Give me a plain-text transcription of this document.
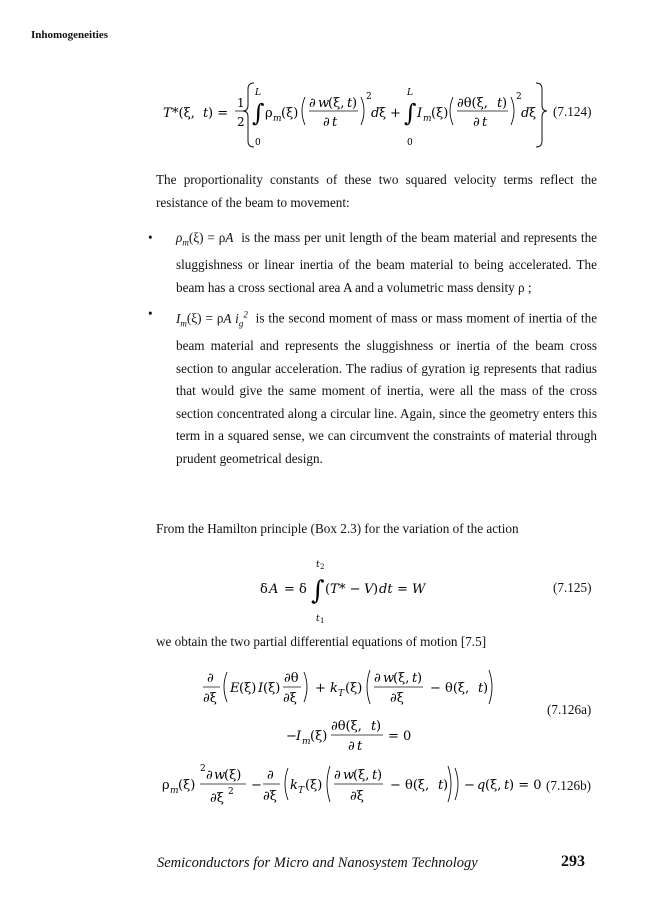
Inhomogeneities
T *(ξ, t ) =
1
2
L
0
∫ ρ m (ξ)
∂ w
(ξ, t )
∂ t
2
d ξ +
L
0
∫ I m (ξ)
∂θ(ξ, t )
∂ t
2
d ξ (7.124)
The proportionality constants of these two squared velocity terms reflect the resistance of the beam to movement:
• $\rho_m(\xi) = \rho A$ is the mass per unit length of the beam material and represents the sluggishness or linear inertia of the beam material to being accelerated. The beam has a cross sectional area A and a volumetric mass density ρ ;
• $I_m(\xi) = \rho A$ $i_g^2$ is the second moment of mass or mass moment of inertia of the beam material and represents the sluggishness or inertia of the beam cross section to angular acceleration. The radius of gyration ig represents that radius that would give the same moment of inertia, were all the mass of the cross section concentrated along a circular line. Again, since the geometry enters this term in a squared sense, we can circumvent the constraints of material through prudent geometrical design.
From the Hamilton principle (Box 2.3) for the variation of the action
δ A = δ
t 2
∫
t 1
( T * − V ) dt = W	(7.125)
we obtain the two partial differential equations of motion [7.5]
∂
∂ξ
E (ξ) I (ξ)
∂θ
∂ξ
+ k T (ξ)
∂ w
(ξ, t )
∂ξ
− θ(ξ, t )
− I m (ξ)
∂θ(ξ, t )
∂ t
= 0
(7.126a)
ρ m (ξ)
2 ∂ w
(ξ)
∂ξ 2 −
∂
∂ξ
k T (ξ)
∂ w
(ξ, t )
∂ξ
− θ(ξ, t ) − q (ξ, t ) = 0 (7.126b)
Semiconductors for Micro and Nanosystem Technology	293
